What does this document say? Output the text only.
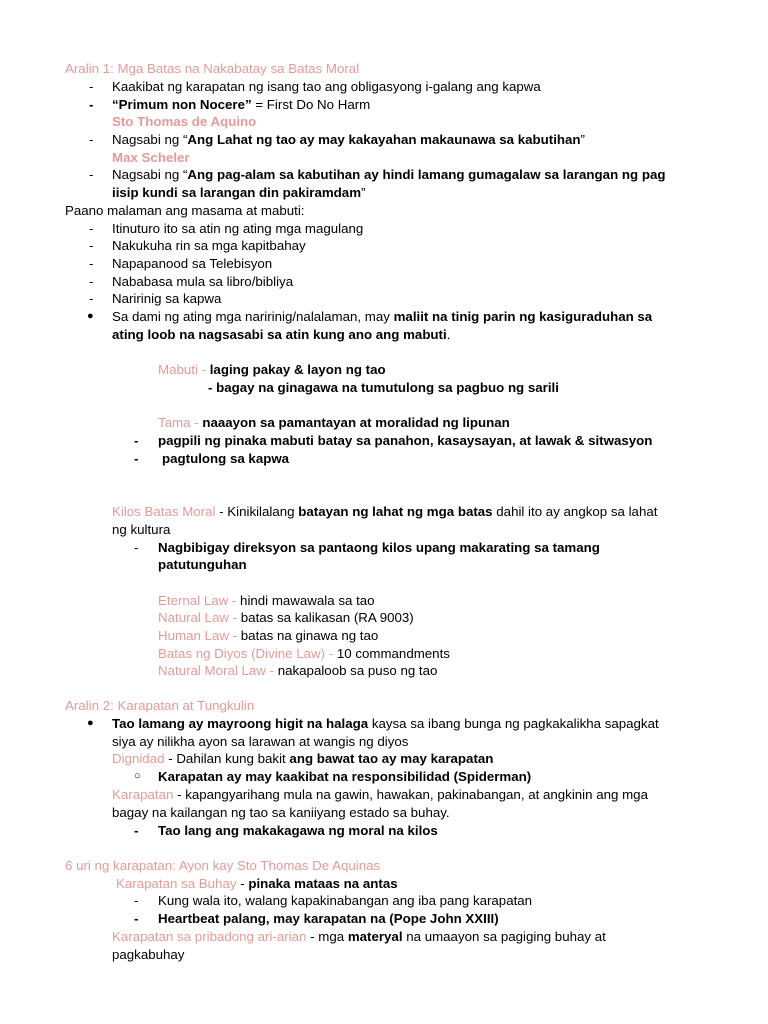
Aralin 1: Mga Batas na Nakabatay sa Batas Moral
- Kaakibat ng karapatan ng isang tao ang obligasyong i-galang ang kapwa
- “Primum non Nocere” = First Do No Harm
Sto Thomas de Aquino
- Nagsabi ng “Ang Lahat ng tao ay may kakayahan makaunawa sa kabutihan”
Max Scheler
- Nagsabi ng “Ang pag-alam sa kabutihan ay hindi lamang gumagalaw sa larangan ng pag
iisip kundi sa larangan din pakiramdam”
Paano malaman ang masama at mabuti:
- Itinuturo ito sa atin ng ating mga magulang
- Nakukuha rin sa mga kapitbahay
- Napapanood sa Telebisyon
- Nababasa mula sa libro/bibliya
- Naririnig sa kapwa
● Sa dami ng ating mga naririnig/nalalaman, may maliit na tinig parin ng kasiguraduhan sa
ating loob na nagsasabi sa atin kung ano ang mabuti.
Mabuti - laging pakay & layon ng tao
- bagay na ginagawa na tumutulong sa pagbuo ng sarili
Tama - naaayon sa pamantayan at moralidad ng lipunan
- pagpili ng pinaka mabuti batay sa panahon, kasaysayan, at lawak & sitwasyon
- pagtulong sa kapwa
Kilos Batas Moral - Kinikilalang batayan ng lahat ng mga batas dahil ito ay angkop sa lahat
ng kultura
- Nagbibigay direksyon sa pantaong kilos upang makarating sa tamang
patutunguhan
Eternal Law - hindi mawawala sa tao
Natural Law - batas sa kalikasan (RA 9003)
Human Law - batas na ginawa ng tao
Batas ng Diyos (Divine Law) - 10 commandments
Natural Moral Law - nakapaloob sa puso ng tao
Aralin 2: Karapatan at Tungkulin
● Tao lamang ay mayroong higit na halaga kaysa sa ibang bunga ng pagkakalikha sapagkat
siya ay nilikha ayon sa larawan at wangis ng diyos
Dignidad - Dahilan kung bakit ang bawat tao ay may karapatan
○ Karapatan ay may kaakibat na responsibilidad (Spiderman)
Karapatan - kapangyarihang mula na gawin, hawakan, pakinabangan, at angkinin ang mga
bagay na kailangan ng tao sa kaniiyang estado sa buhay.
- Tao lang ang makakagawa ng moral na kilos
6 uri ng karapatan: Ayon kay Sto Thomas De Aquinas
Karapatan sa Buhay - pinaka mataas na antas
- Kung wala ito, walang kapakinabangan ang iba pang karapatan
- Heartbeat palang, may karapatan na (Pope John XXIII)
Karapatan sa pribadong ari-arian - mga materyal na umaayon sa pagiging buhay at
pagkabuhay
